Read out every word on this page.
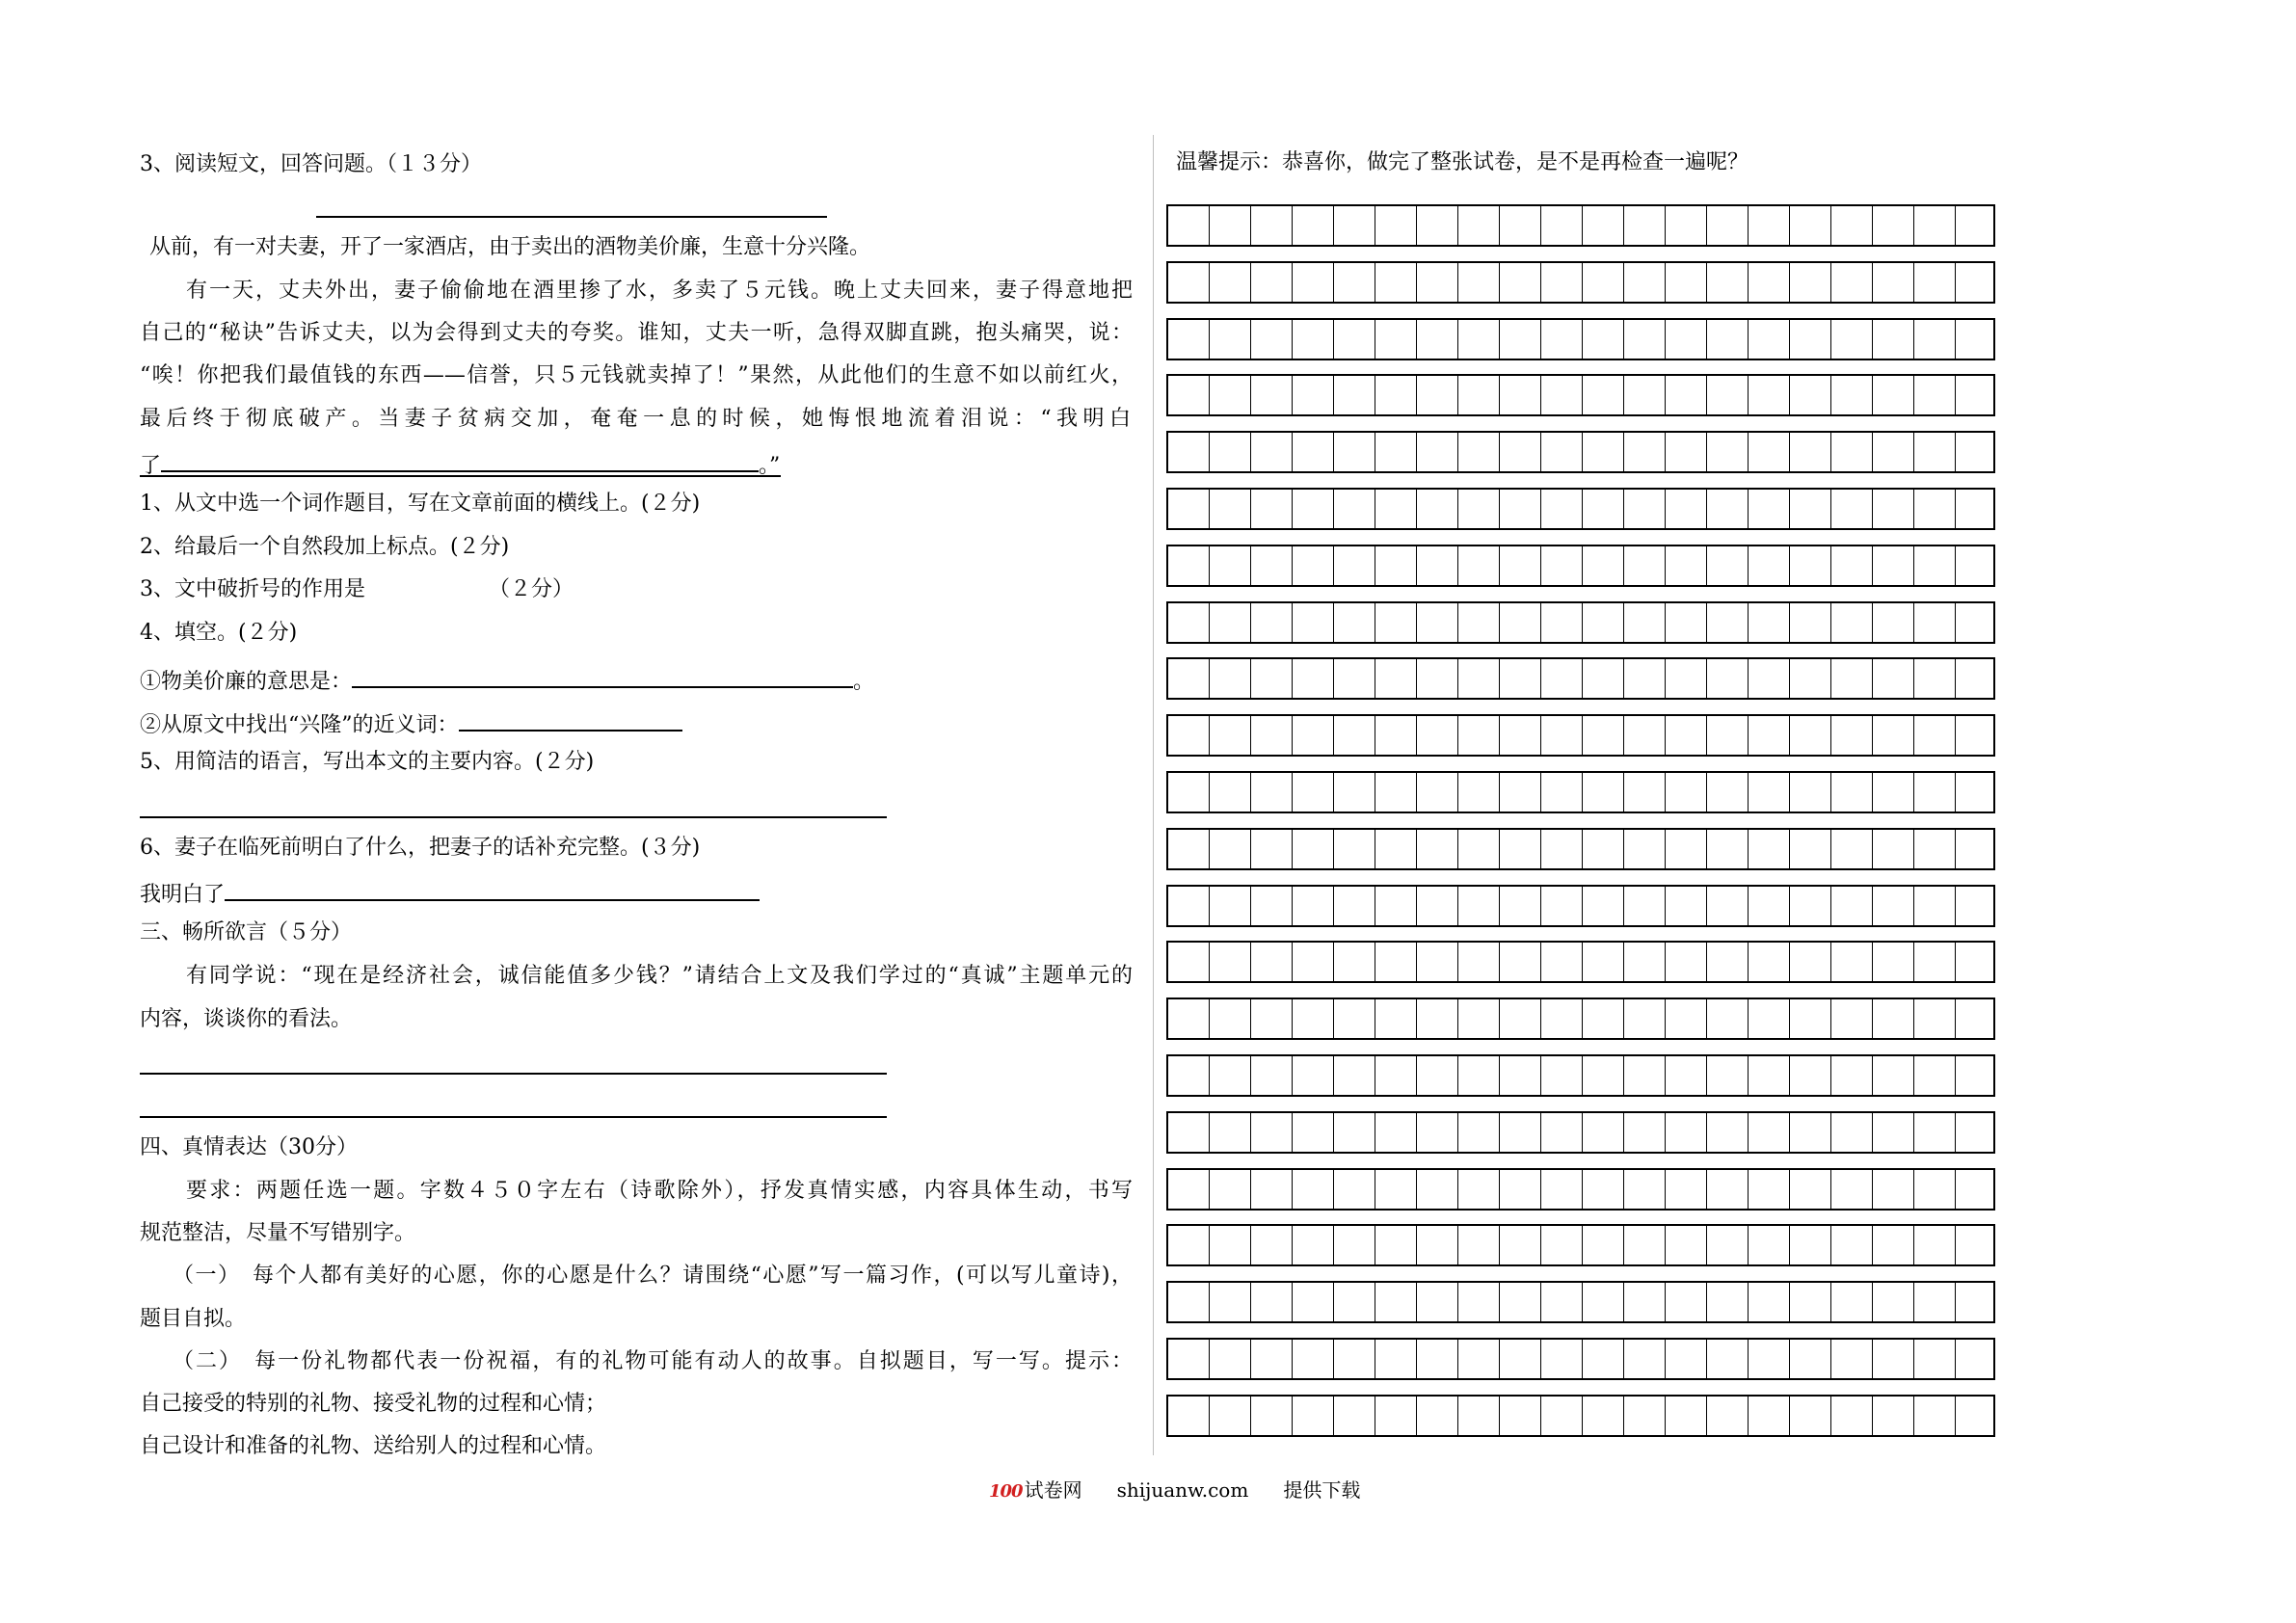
3、阅读短文，回答问题。（１３分）
从前，有一对夫妻，开了一家酒店，由于卖出的酒物美价廉，生意十分兴隆。
有一天，丈夫外出，妻子偷偷地在酒里掺了水，多卖了５元钱。晚上丈夫回来，妻子得意地把
自己的“秘诀”告诉丈夫，以为会得到丈夫的夸奖。谁知，丈夫一听，急得双脚直跳，抱头痛哭，说：
“唉！你把我们最值钱的东西——信誉，只５元钱就卖掉了！”果然，从此他们的生意不如以前红火，
最后终于彻底破产。当妻子贫病交加，奄奄一息的时候，她悔恨地流着泪说：“我明白
了	。”
1、从文中选一个词作题目，写在文章前面的横线上。(２分)
2、给最后一个自然段加上标点。(２分)
3、文中破折号的作用是	（２分）
4、填空。(２分)
①物美价廉的意思是：	。
②从原文中找出“兴隆”的近义词：
5、用简洁的语言，写出本文的主要内容。(２分)
6、妻子在临死前明白了什么，把妻子的话补充完整。(３分)
我明白了
三、畅所欲言（５分）
有同学说：“现在是经济社会，诚信能值多少钱？”请结合上文及我们学过的“真诚”主题单元的
内容，谈谈你的看法。
四、真情表达（30分）
要求：两题任选一题。字数４５０字左右（诗歌除外），抒发真情实感，内容具体生动，书写
规范整洁，尽量不写错别字。
（一）　每个人都有美好的心愿，你的心愿是什么？请围绕“心愿”写一篇习作，(可以写儿童诗)，
题目自拟。
（二）　每一份礼物都代表一份祝福，有的礼物可能有动人的故事。自拟题目，写一写。提示：
自己接受的特别的礼物、接受礼物的过程和心情；
自己设计和准备的礼物、送给别人的过程和心情。
温馨提示：恭喜你，做完了整张试卷，是不是再检查一遍呢？
100 试卷网 shijuanw.com 提供下载
